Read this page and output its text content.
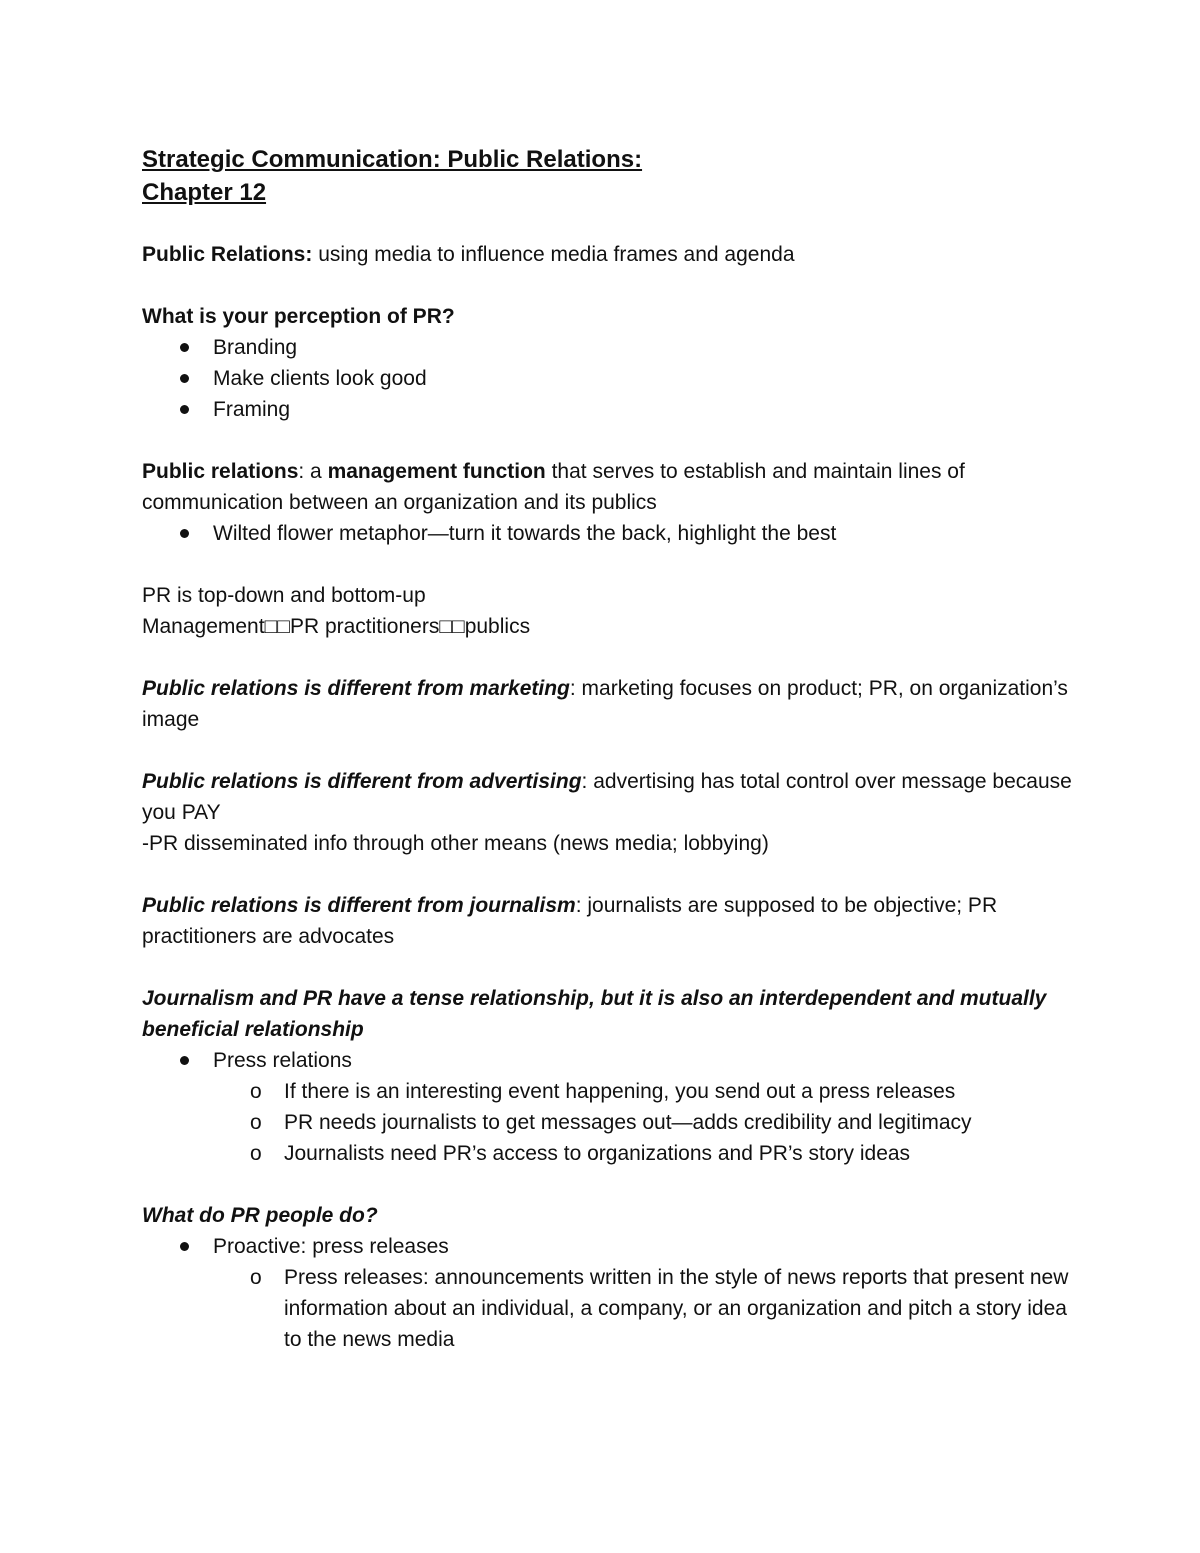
Strategic Communication: Public Relations:

Chapter 12

Public Relations: using media to influence media frames and agenda

What is your perception of PR?

Branding
Make clients look good
Framing

Public relations: a management function that serves to establish and maintain lines of communication between an organization and its publics

Wilted flower metaphor—turn it towards the back, highlight the best

PR is top-down and bottom-up

Management□□PR practitioners□□publics

Public relations is different from marketing: marketing focuses on product; PR, on organization’s image

Public relations is different from advertising: advertising has total control over message because you PAY

-PR disseminated info through other means (news media; lobbying)

Public relations is different from journalism: journalists are supposed to be objective; PR practitioners are advocates

Journalism and PR have a tense relationship, but it is also an interdependent and mutually beneficial relationship

Press relations
o If there is an interesting event happening, you send out a press releases
o PR needs journalists to get messages out—adds credibility and legitimacy
o Journalists need PR’s access to organizations and PR’s story ideas

What do PR people do?

Proactive: press releases
o Press releases: announcements written in the style of news reports that present new information about an individual, a company, or an organization and pitch a story idea to the news media
